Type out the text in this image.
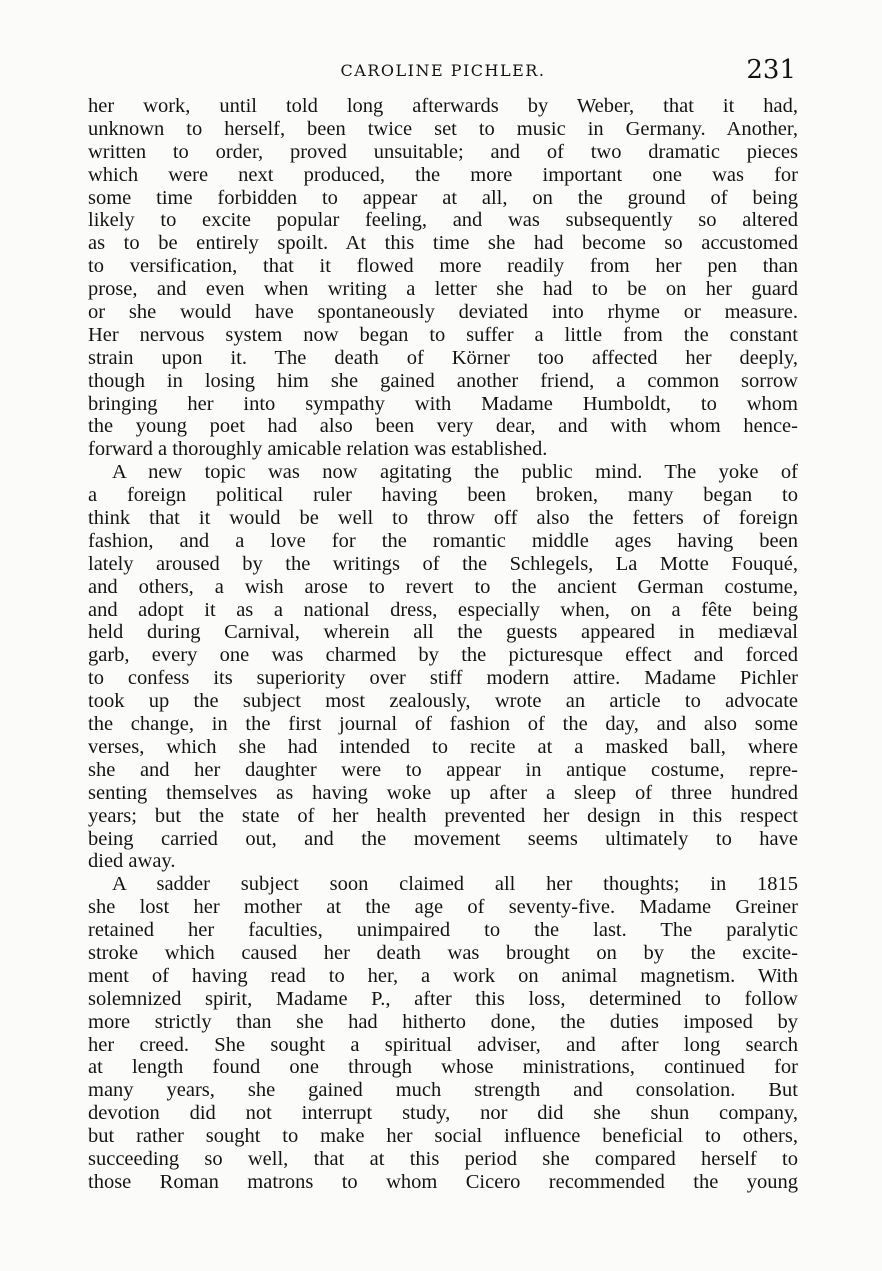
CAROLINE PICHLER.	231
her work, until told long afterwards by Weber, that it had,
unknown to herself, been twice set to music in Germany. Another,
written to order, proved unsuitable; and of two dramatic pieces
which were next produced, the more important one was for
some time forbidden to appear at all, on the ground of being
likely to excite popular feeling, and was subsequently so altered
as to be entirely spoilt. At this time she had become so accustomed
to versification, that it flowed more readily from her pen than
prose, and even when writing a letter she had to be on her guard
or she would have spontaneously deviated into rhyme or measure.
Her nervous system now began to suffer a little from the constant
strain upon it. The death of Körner too affected her deeply,
though in losing him she gained another friend, a common sorrow
bringing her into sympathy with Madame Humboldt, to whom
the young poet had also been very dear, and with whom hence-
forward a thoroughly amicable relation was established.
A new topic was now agitating the public mind. The yoke of
a foreign political ruler having been broken, many began to
think that it would be well to throw off also the fetters of foreign
fashion, and a love for the romantic middle ages having been
lately aroused by the writings of the Schlegels, La Motte Fouqué,
and others, a wish arose to revert to the ancient German costume,
and adopt it as a national dress, especially when, on a fête being
held during Carnival, wherein all the guests appeared in mediæval
garb, every one was charmed by the picturesque effect and forced
to confess its superiority over stiff modern attire. Madame Pichler
took up the subject most zealously, wrote an article to advocate
the change, in the first journal of fashion of the day, and also some
verses, which she had intended to recite at a masked ball, where
she and her daughter were to appear in antique costume, repre-
senting themselves as having woke up after a sleep of three hundred
years; but the state of her health prevented her design in this respect
being carried out, and the movement seems ultimately to have
died away.
A sadder subject soon claimed all her thoughts; in 1815
she lost her mother at the age of seventy-five. Madame Greiner
retained her faculties, unimpaired to the last. The paralytic
stroke which caused her death was brought on by the excite-
ment of having read to her, a work on animal magnetism. With
solemnized spirit, Madame P., after this loss, determined to follow
more strictly than she had hitherto done, the duties imposed by
her creed. She sought a spiritual adviser, and after long search
at length found one through whose ministrations, continued for
many years, she gained much strength and consolation. But
devotion did not interrupt study, nor did she shun company,
but rather sought to make her social influence beneficial to others,
succeeding so well, that at this period she compared herself to
those Roman matrons to whom Cicero recommended the young
